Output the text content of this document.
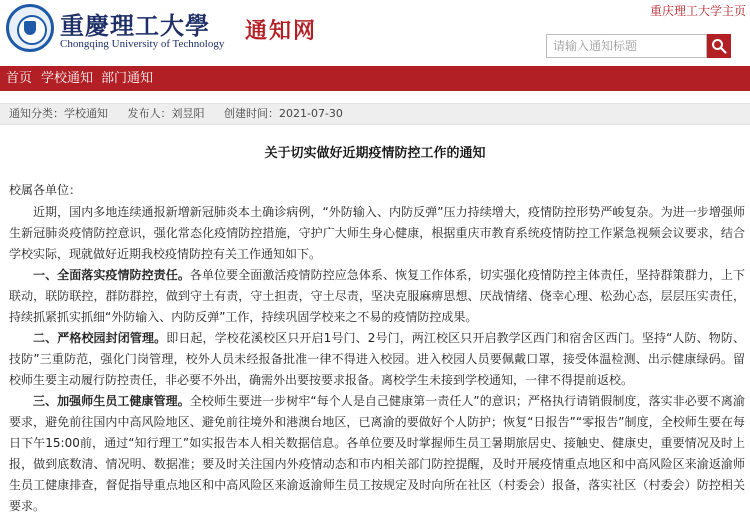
重慶理工大學
Chongqing University of Technology 通知网
重庆理工大学主页
请输入通知标题
首页 学校通知 部门通知
通知分类：学校通知 发布人：刘昱阳 创建时间：2021-07-30
关于切实做好近期疫情防控工作的通知

校属各单位：

近期，国内多地连续通报新增新冠肺炎本土确诊病例，“外防输入、内防反弹”压力持续增大，疫情防控形势严峻复杂。为进一步增强师生新冠肺炎疫情防控意识，强化常态化疫情防控措施，守护广大师生身心健康，根据重庆市教育系统疫情防控工作紧急视频会议要求，结合学校实际，现就做好近期我校疫情防控有关工作通知如下。

一、全面落实疫情防控责任。各单位要全面激活疫情防控应急体系、恢复工作体系，切实强化疫情防控主体责任，坚持群策群力，上下联动，联防联控，群防群控，做到守土有责，守土担责，守土尽责，坚决克服麻痹思想、厌战情绪、侥幸心理、松劲心态，层层压实责任，持续抓紧抓实抓细“外防输入、内防反弹”工作，持续巩固学校来之不易的疫情防控成果。

二、严格校园封闭管理。即日起，学校花溪校区只开启1号门、2号门，两江校区只开启教学区西门和宿舍区西门。坚持“人防、物防、技防”三重防范，强化门岗管理，校外人员未经报备批准一律不得进入校园。进入校园人员要佩戴口罩，接受体温检测、出示健康绿码。留校师生要主动履行防控责任，非必要不外出，确需外出要按要求报备。离校学生未接到学校通知，一律不得提前返校。

三、加强师生员工健康管理。全校师生要进一步树牢“每个人是自己健康第一责任人”的意识；严格执行请销假制度，落实非必要不离渝要求，避免前往国内中高风险地区、避免前往境外和港澳台地区，已离渝的要做好个人防护；恢复“日报告”“零报告”制度，全校师生要在每日下午15:00前，通过“知行理工”如实报告本人相关数据信息。各单位要及时掌握师生员工暑期旅居史、接触史、健康史，重要情况及时上报，做到底数清、情况明、数据准；要及时关注国内外疫情动态和市内相关部门防控提醒，及时开展疫情重点地区和中高风险区来渝返渝师生员工健康排查，督促指导重点地区和中高风险区来渝返渝师生员工按规定及时向所在社区（村委会）报备，落实社区（村委会）防控相关要求。
